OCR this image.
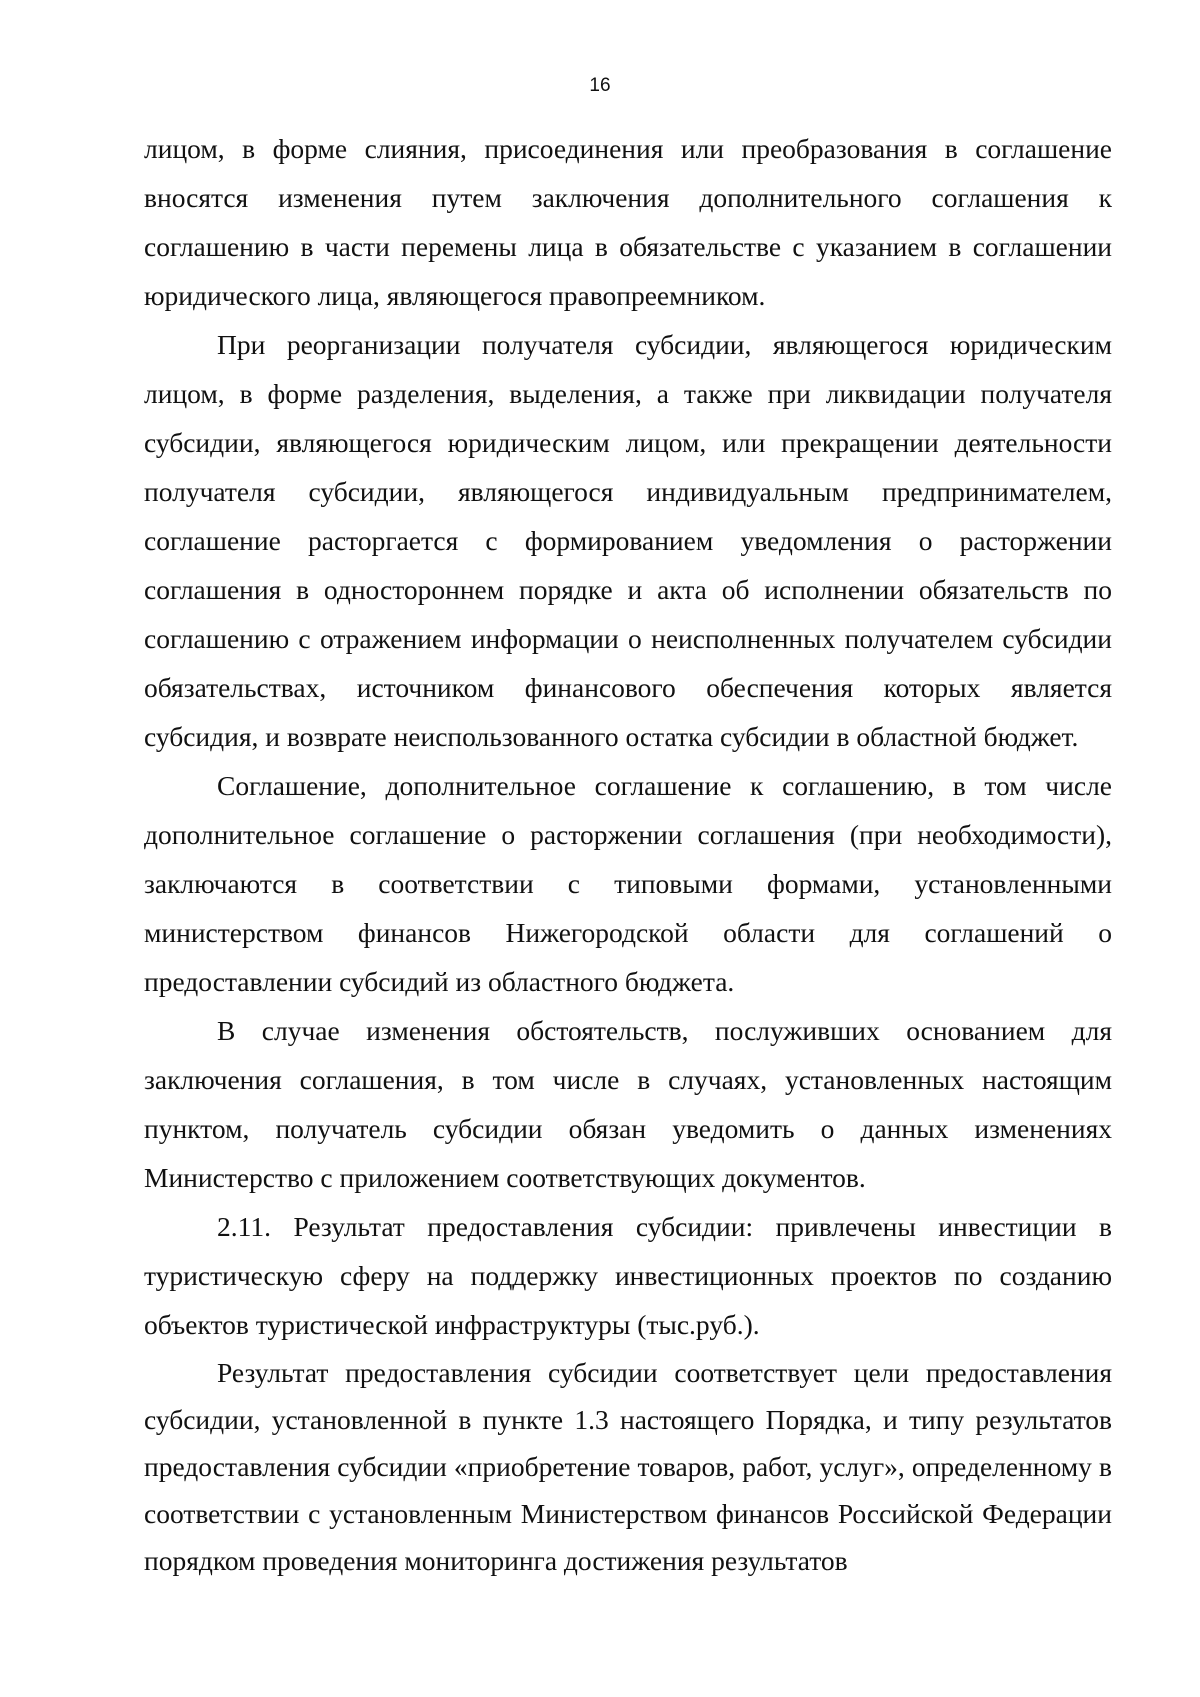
16

лицом, в форме слияния, присоединения или преобразования в соглашение вносятся изменения путем заключения дополнительного соглашения к соглашению в части перемены лица в обязательстве с указанием в соглашении юридического лица, являющегося правопреемником.

При реорганизации получателя субсидии, являющегося юридическим лицом, в форме разделения, выделения, а также при ликвидации получателя субсидии, являющегося юридическим лицом, или прекращении деятельности получателя субсидии, являющегося индивидуальным предпринимателем, соглашение расторгается с формированием уведомления о расторжении соглашения в одностороннем порядке и акта об исполнении обязательств по соглашению с отражением информации о неисполненных получателем субсидии обязательствах, источником финансового обеспечения которых является субсидия, и возврате неиспользованного остатка субсидии в областной бюджет.

Соглашение, дополнительное соглашение к соглашению, в том числе дополнительное соглашение о расторжении соглашения (при необходимости), заключаются в соответствии с типовыми формами, установленными министерством финансов Нижегородской области для соглашений о предоставлении субсидий из областного бюджета.

В случае изменения обстоятельств, послуживших основанием для заключения соглашения, в том числе в случаях, установленных настоящим пунктом, получатель субсидии обязан уведомить о данных изменениях Министерство с приложением соответствующих документов.

2.11. Результат предоставления субсидии: привлечены инвестиции в туристическую сферу на поддержку инвестиционных проектов по созданию объектов туристической инфраструктуры (тыс.руб.).

Результат предоставления субсидии соответствует цели предоставления субсидии, установленной в пункте 1.3 настоящего Порядка, и типу результатов предоставления субсидии «приобретение товаров, работ, услуг», определенному в соответствии с установленным Министерством финансов Российской Федерации порядком проведения мониторинга достижения результатов
